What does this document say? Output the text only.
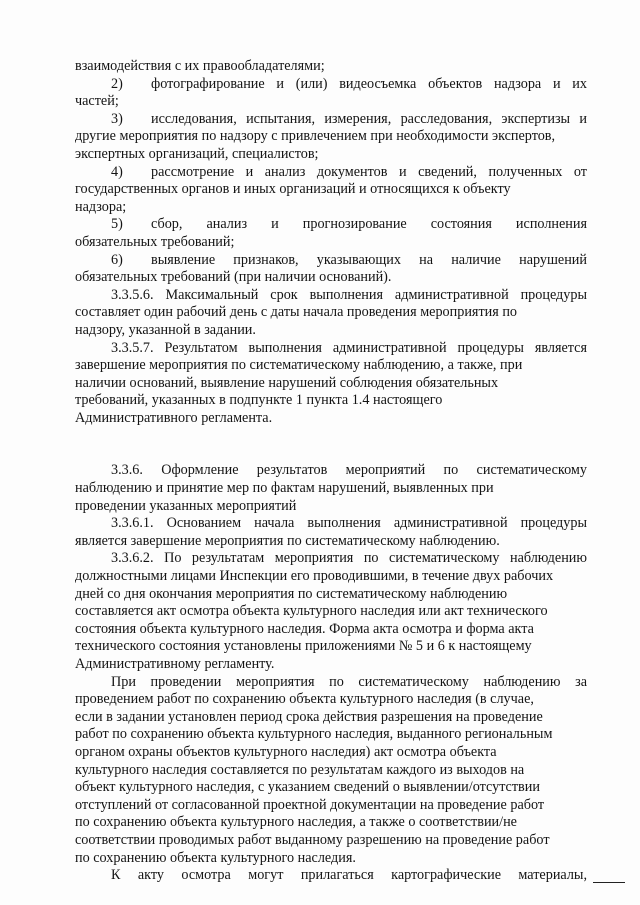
взаимодействия с их правообладателями;

2)	фотографирование и (или) видеосъемка объектов надзора и их

частей;

3)	исследования, испытания, измерения, расследования, экспертизы и

другие мероприятия по надзору с привлечением при необходимости экспертов,

экспертных организаций, специалистов;

4)	рассмотрение и анализ документов и сведений, полученных от

государственных органов и иных организаций и относящихся к объекту

надзора;

5)	сбор, анализ и прогнозирование состояния исполнения

обязательных требований;

6)	выявление признаков, указывающих на наличие нарушений

обязательных требований (при наличии оснований).

3.3.5.6. Максимальный срок выполнения административной процедуры

составляет один рабочий день с даты начала проведения мероприятия по

надзору, указанной в задании.

3.3.5.7. Результатом выполнения административной процедуры является

завершение мероприятия по систематическому наблюдению, а также, при

наличии оснований, выявление нарушений соблюдения обязательных

требований, указанных в подпункте 1 пункта 1.4 настоящего

Административного регламента.

3.3.6. Оформление результатов мероприятий по систематическому

наблюдению и принятие мер по фактам нарушений, выявленных при

проведении указанных мероприятий

3.3.6.1. Основанием начала выполнения административной процедуры

является завершение мероприятия по систематическому наблюдению.

3.3.6.2. По результатам мероприятия по систематическому наблюдению

должностными лицами Инспекции его проводившими, в течение двух рабочих

дней со дня окончания мероприятия по систематическому наблюдению

составляется акт осмотра объекта культурного наследия или акт технического

состояния объекта культурного наследия. Форма акта осмотра и форма акта

технического состояния установлены приложениями № 5 и 6 к настоящему

Административному регламенту.

При проведении мероприятия по систематическому наблюдению за

проведением работ по сохранению объекта культурного наследия (в случае,

если в задании установлен период срока действия разрешения на проведение

работ по сохранению объекта культурного наследия, выданного региональным

органом охраны объектов культурного наследия) акт осмотра объекта

культурного наследия составляется по результатам каждого из выходов на

объект культурного наследия, с указанием сведений о выявлении/отсутствии

отступлений от согласованной проектной документации на проведение работ

по сохранению объекта культурного наследия, а также о соответствии/не

соответствии проводимых работ выданному разрешению на проведение работ

по сохранению объекта культурного наследия.

К акту осмотра могут прилагаться картографические материалы,
